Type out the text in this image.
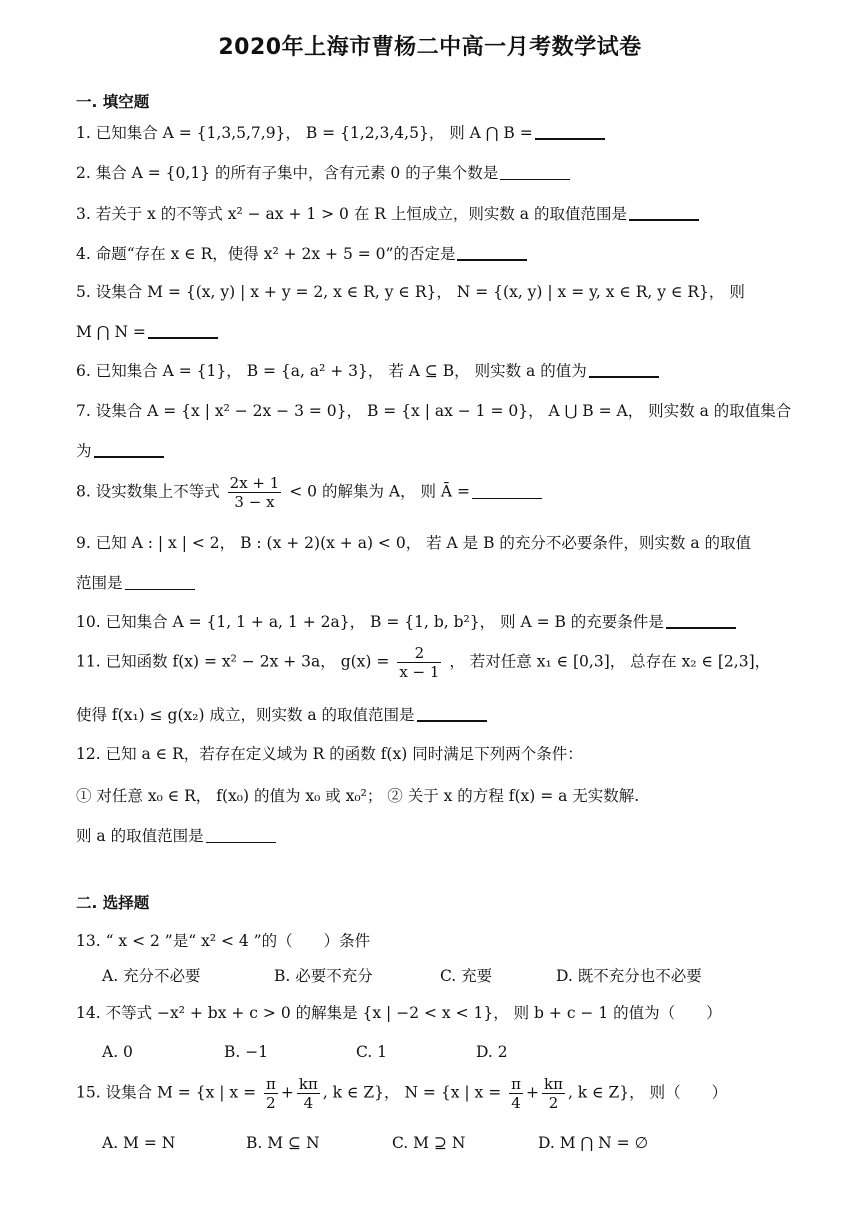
2020年上海市曹杨二中高一月考数学试卷
一. 填空题
1. 已知集合 A = {1,3,5,7,9}， B = {1,2,3,4,5}， 则 A ⋂ B =
2. 集合 A = {0,1} 的所有子集中，含有元素 0 的子集个数是
3. 若关于 x 的不等式 x² − ax + 1 > 0 在 R 上恒成立，则实数 a 的取值范围是
4. 命题“存在 x ∈ R，使得 x² + 2x + 5 = 0”的否定是
5. 设集合 M = {(x, y) | x + y = 2, x ∈ R, y ∈ R}， N = {(x, y) | x = y, x ∈ R, y ∈ R}， 则
M ⋂ N =
6. 已知集合 A = {1}， B = {a, a² + 3}， 若 A ⊆ B， 则实数 a 的值为
7. 设集合 A = {x | x² − 2x − 3 = 0}， B = {x | ax − 1 = 0}， A ⋃ B = A， 则实数 a 的取值集合
为
8. 设实数集上不等式 $\frac{2x + 1}{3 - x} < 0$ 的解集为 A， 则 Ā =
9. 已知 A : | x | < 2， B : (x + 2)(x + a) < 0， 若 A 是 B 的充分不必要条件，则实数 a 的取值
范围是
10. 已知集合 A = {1, 1 + a, 1 + 2a}， B = {1, b, b²}， 则 A = B 的充要条件是
11. 已知函数 f(x) = x² − 2x + 3a， $g(x) = \frac{2}{x - 1}$ ， 若对任意 x₁ ∈ [0,3]， 总存在 x₂ ∈ [2,3]，
使得 f(x₁) ≤ g(x₂) 成立，则实数 a 的取值范围是
12. 已知 a ∈ R，若存在定义域为 R 的函数 f(x) 同时满足下列两个条件：
① 对任意 x₀ ∈ R， f(x₀) 的值为 x₀ 或 x₀²； ② 关于 x 的方程 f(x) = a 无实数解.
则 a 的取值范围是
二. 选择题
13. “ x < 2 ”是“ x² < 4 ”的（　　）条件
A. 充分不必要	B. 必要不充分	C. 充要	D. 既不充分也不必要
14. 不等式 −x² + bx + c > 0 的解集是 {x | −2 < x < 1}， 则 b + c − 1 的值为（　　）
A. 0	B. −1	C. 1	D. 2
15. 设集合 M = {x | $x = \frac{\pi}{2} + \frac{k\pi}{4}$ , k ∈ Z}， N = {x | $x = \frac{\pi}{4} + \frac{k\pi}{2}$ , k ∈ Z}， 则（　　）
A. M = N	B. M ⊆ N	C. M ⊇ N	D. M ⋂ N = ∅
